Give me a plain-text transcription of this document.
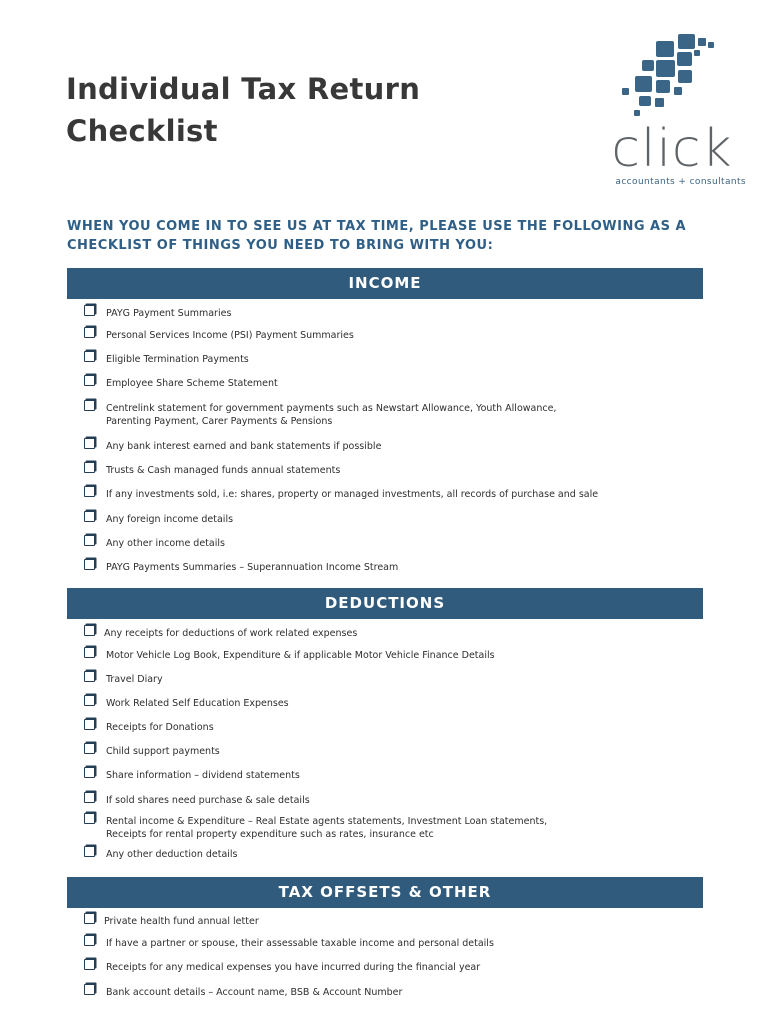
Individual Tax Return
Checklist	click
accountants + consultants

WHEN YOU COME IN TO SEE US AT TAX TIME, PLEASE USE THE FOLLOWING AS A CHECKLIST OF THINGS YOU NEED TO BRING WITH YOU:

INCOME
PAYG Payment Summaries
Personal Services Income (PSI) Payment Summaries
Eligible Termination Payments
Employee Share Scheme Statement
Centrelink statement for government payments such as Newstart Allowance, Youth Allowance, Parenting Payment, Carer Payments & Pensions
Any bank interest earned and bank statements if possible
Trusts & Cash managed funds annual statements
If any investments sold, i.e: shares, property or managed investments, all records of purchase and sale
Any foreign income details
Any other income details
PAYG Payments Summaries – Superannuation Income Stream
DEDUCTIONS
Any receipts for deductions of work related expenses
Motor Vehicle Log Book, Expenditure & if applicable Motor Vehicle Finance Details
Travel Diary
Work Related Self Education Expenses
Receipts for Donations
Child support payments
Share information – dividend statements
If sold shares need purchase & sale details
Rental income & Expenditure – Real Estate agents statements, Investment Loan statements, Receipts for rental property expenditure such as rates, insurance etc
Any other deduction details
TAX OFFSETS & OTHER
Private health fund annual letter
If have a partner or spouse, their assessable taxable income and personal details
Receipts for any medical expenses you have incurred during the financial year
Bank account details – Account name, BSB & Account Number
